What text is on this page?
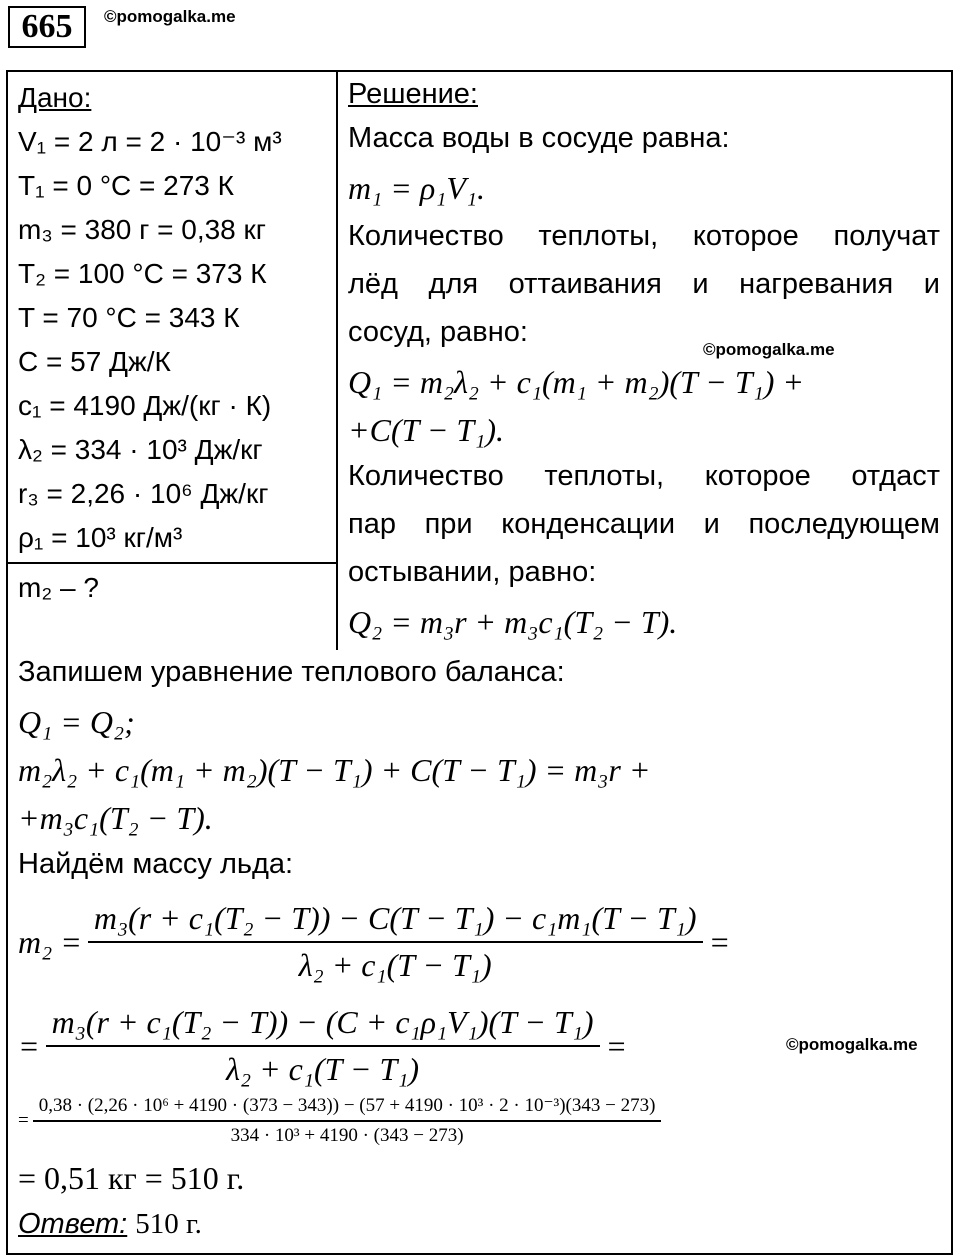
665	©pomogalka.me
Дано:
V₁ = 2 л = 2 · 10⁻³ м³
T₁ = 0 °C = 273 К
m₃ = 380 г = 0,38 кг
T₂ = 100 °C = 373 К
T = 70 °C = 343 К
C = 57 Дж/К
c₁ = 4190 Дж/(кг · К)
λ₂ = 334 · 10³ Дж/кг
r₃ = 2,26 · 10⁶ Дж/кг
ρ₁ = 10³ кг/м³
m₂ – ?
Решение:
Масса воды в сосуде равна:
m₁ = ρ₁V₁.
Количество теплоты, которое получат
лёд для оттаивания и нагревания и
сосуд, равно:
©pomogalka.me
Q₁ = m₂λ₂ + c₁(m₁ + m₂)(T − T₁) +
+C(T − T₁).
Количество теплоты, которое отдаст
пар при конденсации и последующем
остывании, равно:
Q₂ = m₃r + m₃c₁(T₂ − T).
Запишем уравнение теплового баланса:
Q₁ = Q₂;
m₂λ₂ + c₁(m₁ + m₂)(T − T₁) + C(T − T₁) = m₃r +
+m₃c₁(T₂ − T).
Найдём массу льда:
$m_2 = \frac{\text{m₃(r + c₁(T₂ − T)) − C(T − T₁) − c₁m₁(T − T₁)}}{\text{λ₂ + c₁(T − T₁)}}$ =
= $\frac{\text{m₃(r + c₁(T₂ − T)) − (C + c₁ρ₁V₁)(T − T₁)}}{\text{λ₂ + c₁(T − T₁)}}$ =	©pomogalka.me
=
0,38 · (2,26 · 10⁶ + 4190 · (373 − 343)) − (57 + 4190 · 10³ · 2 · 10⁻³)(343 − 273)
334 · 10³ + 4190 · (343 − 273)
= 0,51 кг = 510 г.
Ответ: 510 г.
